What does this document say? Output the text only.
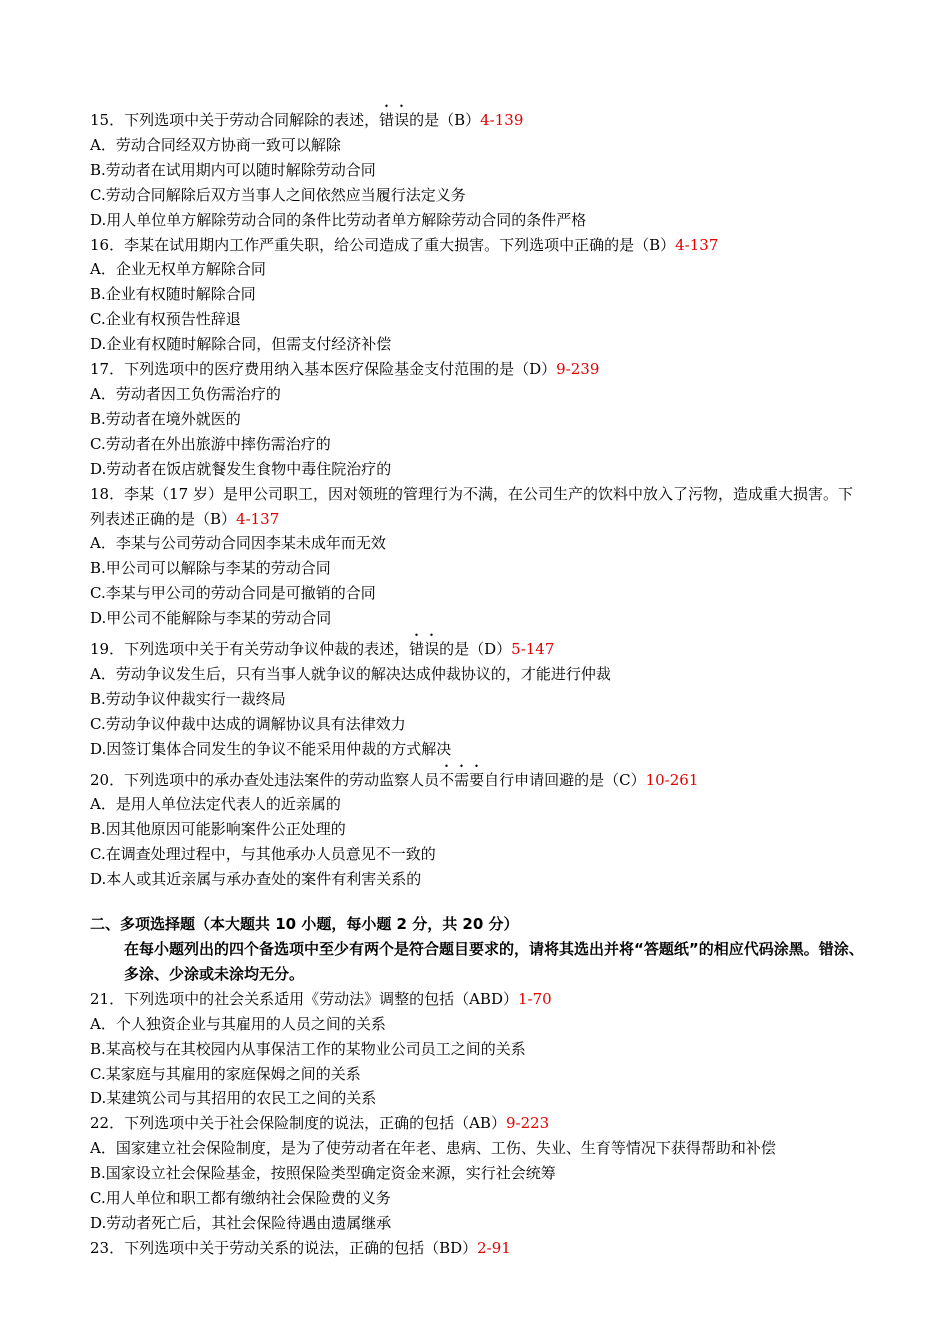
15．下列选项中关于劳动合同解除的表述，错误的是（B）4-139
A．劳动合同经双方协商一致可以解除
B.劳动者在试用期内可以随时解除劳动合同
C.劳动合同解除后双方当事人之间依然应当履行法定义务
D.用人单位单方解除劳动合同的条件比劳动者单方解除劳动合同的条件严格
16．李某在试用期内工作严重失职，给公司造成了重大损害。下列选项中正确的是（B）4-137
A．企业无权单方解除合同
B.企业有权随时解除合同
C.企业有权预告性辞退
D.企业有权随时解除合同，但需支付经济补偿
17．下列选项中的医疗费用纳入基本医疗保险基金支付范围的是（D）9-239
A．劳动者因工负伤需治疗的
B.劳动者在境外就医的
C.劳动者在外出旅游中摔伤需治疗的
D.劳动者在饭店就餐发生食物中毒住院治疗的
18．李某（17 岁）是甲公司职工，因对领班的管理行为不满，在公司生产的饮料中放入了污物，造成重大损害。下列表述正确的是（B）4-137
A．李某与公司劳动合同因李某未成年而无效
B.甲公司可以解除与李某的劳动合同
C.李某与甲公司的劳动合同是可撤销的合同
D.甲公司不能解除与李某的劳动合同
19．下列选项中关于有关劳动争议仲裁的表述，错误的是（D）5-147
A．劳动争议发生后，只有当事人就争议的解决达成仲裁协议的，才能进行仲裁
B.劳动争议仲裁实行一裁终局
C.劳动争议仲裁中达成的调解协议具有法律效力
D.因签订集体合同发生的争议不能采用仲裁的方式解决
20．下列选项中的承办查处违法案件的劳动监察人员不需要自行申请回避的是（C）10-261
A．是用人单位法定代表人的近亲属的
B.因其他原因可能影响案件公正处理的
C.在调查处理过程中，与其他承办人员意见不一致的
D.本人或其近亲属与承办查处的案件有利害关系的
二、多项选择题（本大题共 10 小题，每小题 2 分，共 20 分）
在每小题列出的四个备选项中至少有两个是符合题目要求的，请将其选出并将“答题纸”的相应代码涂黑。错涂、多涂、少涂或未涂均无分。
21．下列选项中的社会关系适用《劳动法》调整的包括（ABD）1-70
A．个人独资企业与其雇用的人员之间的关系
B.某高校与在其校园内从事保洁工作的某物业公司员工之间的关系
C.某家庭与其雇用的家庭保姆之间的关系
D.某建筑公司与其招用的农民工之间的关系
22．下列选项中关于社会保险制度的说法，正确的包括（AB）9-223
A．国家建立社会保险制度，是为了使劳动者在年老、患病、工伤、失业、生育等情况下获得帮助和补偿
B.国家设立社会保险基金，按照保险类型确定资金来源，实行社会统筹
C.用人单位和职工都有缴纳社会保险费的义务
D.劳动者死亡后，其社会保险待遇由遗属继承
23．下列选项中关于劳动关系的说法，正确的包括（BD）2-91
